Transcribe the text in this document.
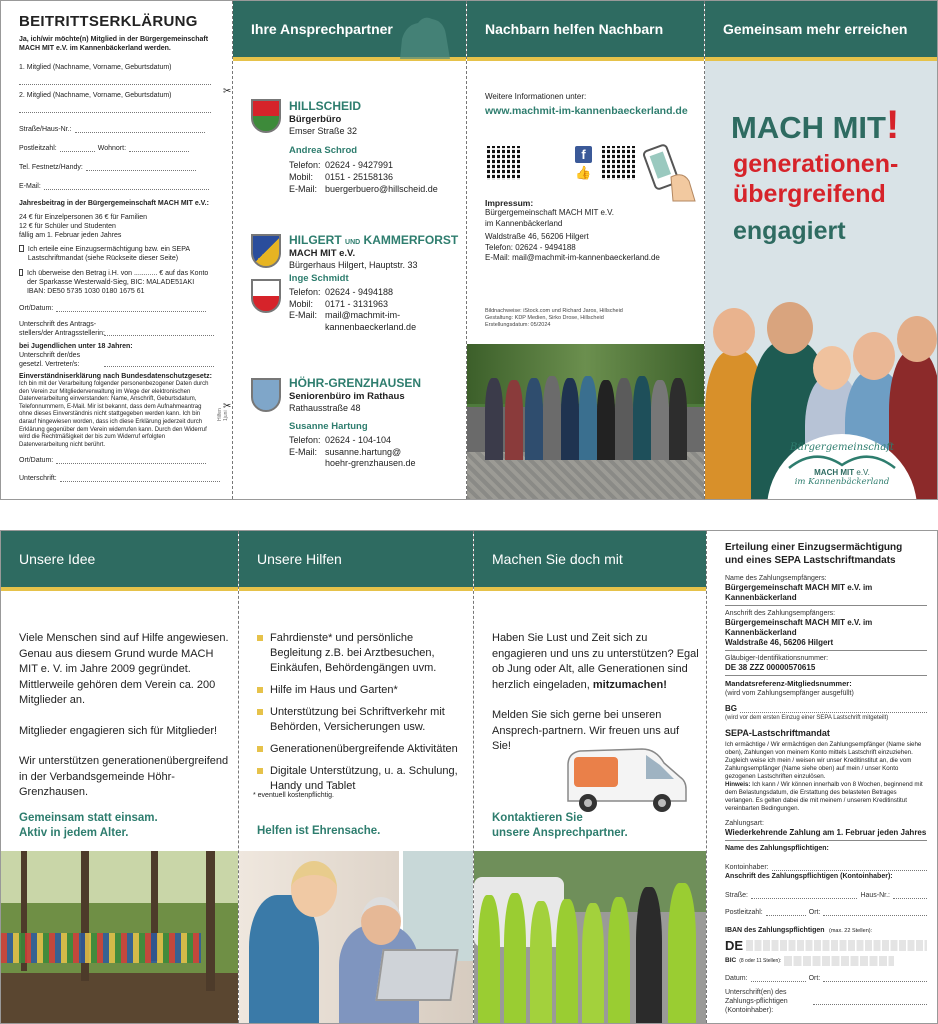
BEITRITTSERKLÄRUNG
Ja, ich/wir möchte(n) Mitglied in der Bürgergemeinschaft MACH MIT e.V. im Kannenbäckerland werden.
1. Mitglied (Nachname, Vorname, Geburtsdatum)
2. Mitglied (Nachname, Vorname, Geburtsdatum)
Straße/Haus-Nr.:
Postleitzahl:	Wohnort:
Tel. Festnetz/Handy:
E-Mail:
Jahresbeitrag in der Bürgergemeinschaft MACH MIT e.V.:
24 € für Einzelpersonen 36 € für Familien
12 € für Schüler und Studenten
fällig am 1. Februar jeden Jahres
Ich erteile eine Einzugsermächtigung bzw. ein SEPA Lastschriftmandat (siehe Rückseite dieser Seite)
Ich überweise den Betrag i.H. von ............ € auf das Konto der Sparkasse Westerwald-Sieg, BIC: MALADE51AKI IBAN: DE50 5735 1030 0180 1675 61
Ort/Datum:
Unterschrift des Antrags-stellers/der Antragsstellerin:
bei Jugendlichen unter 18 Jahren:
Unterschrift der/des gesetzl. Vertreter/s:
Einverständniserklärung nach Bundesdatenschutzgesetz:
Ich bin mit der Verarbeitung folgender personenbezogener Daten durch den Verein zur Mitgliederverwaltung im Wege der elektronischen Datenverarbeitung einverstanden: Name, Anschrift, Geburtsdatum, Telefonnummern, E-Mail. Mir ist bekannt, dass dem Aufnahmeantrag ohne dieses Einverständnis nicht stattgegeben werden kann. Ich bin darauf hingewiesen worden, dass ich diese Erklärung jederzeit durch Erklärung gegenüber dem Verein widerrufen kann. Durch den Widerruf wird die Rechtmäßigkeit der bis zum Widerruf erfolgten Datenverarbeitung nicht berührt.
Ort/Datum:
Unterschrift:
✂
✂
Hilfen 1juni
Ihre Ansprechpartner
HILLSCHEID
Bürgerbüro
Emser Straße 32
Andrea Schrod
Telefon: 02624 - 9427991
Mobil:	0151 - 25158136
E-Mail: buergerbuero@hillscheid.de
HILGERT UND KAMMERFORST
MACH MIT e.V.
Bürgerhaus Hilgert, Hauptstr. 33
Inge Schmidt
Telefon: 02624 - 9494188
Mobil:	0171 - 3131963
E-Mail: mail@machmit-im-
kannenbaeckerland.de
HÖHR-GRENZHAUSEN
Seniorenbüro im Rathaus
Rathausstraße 48
Susanne Hartung
Telefon: 02624 - 104-104
E-Mail: susanne.hartung@
hoehr-grenzhausen.de
Nachbarn helfen Nachbarn
Weitere Informationen unter:
www.machmit-im-kannenbaeckerland.de
f
👍
Impressum:
Bürgergemeinschaft MACH MIT e.V.
im Kannenbäckerland
Waldstraße 46, 56206 Hilgert
Telefon: 02624 - 9494188
E-Mail: mail@machmit-im-kannenbaeckerland.de
Bildnachweise: iStock.com und Richard Jaros, Hillscheid
Gestaltung: KDP Medien, Sirko Drose, Hillscheid
Erstellungsdatum: 05/2024
Gemeinsam mehr erreichen
MACH MIT!
generationen-
übergreifend
engagiert
Bürgergemeinschaft
MACH MIT e.V.
im Kannenbäckerland
Unsere Idee

Viele Menschen sind auf Hilfe angewiesen. Genau aus diesem Grund wurde MACH MIT e. V. im Jahre 2009 gegründet. Mittlerweile gehören dem Verein ca. 200 Mitglieder an.

Mitglieder engagieren sich für Mitglieder!

Wir unterstützen generationenübergreifend in der Verbandsgemeinde Höhr-Grenzhausen.

Gemeinsam statt einsam.
Aktiv in jedem Alter.
Unsere Hilfen
Fahrdienste* und persönliche Begleitung z.B. bei Arztbesuchen, Einkäufen, Behördengängen uvm.
Hilfe im Haus und Garten*
Unterstützung bei Schriftverkehr mit Behörden, Versicherungen usw.
Generationenübergreifende Aktivitäten
Digitale Unterstützung, u. a. Schulung, Handy und Tablet
* eventuell kostenpflichtig.
Helfen ist Ehrensache.
Machen Sie doch mit

Haben Sie Lust und Zeit sich zu engagieren und uns zu unterstützen? Egal ob Jung oder Alt, alle Generationen sind herzlich eingeladen, mitzumachen!

Melden Sie sich gerne bei unseren Ansprech-partnern. Wir freuen uns auf Sie!

Kontaktieren Sie
unsere Ansprechpartner.
Erteilung einer Einzugsermächtigung
und eines SEPA Lastschriftmandats
Name des Zahlungsempfängers:
Bürgergemeinschaft MACH MIT e.V. im Kannenbäckerland
Anschrift des Zahlungsempfängers:
Bürgergemeinschaft MACH MIT e.V. im Kannenbäckerland
Waldstraße 46, 56206 Hilgert
Gläubiger-Identifikationsnummer:
DE 38 ZZZ 00000570615
Mandatsreferenz-Mitgliedsnummer:
(wird vom Zahlungsempfänger ausgefüllt)
BG
(wird vor dem ersten Einzug einer SEPA Lastschrift mitgeteilt)
SEPA-Lastschriftmandat
Ich ermächtige / Wir ermächtigen den Zahlungsempfänger (Name siehe oben), Zahlungen von meinem Konto mittels Lastschrift einzuziehen. Zugleich weise ich mein / weisen wir unser Kreditinstitut an, die vom Zahlungsempfänger (Name siehe oben) auf mein / unser Konto gezogenen Lastschriften einzulösen.
Hinweis: Ich kann / Wir können innerhalb von 8 Wochen, beginnend mit dem Belastungsdatum, die Erstattung des belasteten Betrages verlangen. Es gelten dabei die mit meinem / unserem Kreditinstitut vereinbarten Bedingungen.
Zahlungsart:
Wiederkehrende Zahlung am 1. Februar jeden Jahres
Name des Zahlungspflichtigen:
Kontoinhaber:
Anschrift des Zahlungspflichtigen (Kontoinhaber):
Straße:	Haus-Nr.:
Postleitzahl:	Ort:
IBAN des Zahlungspflichtigen (max. 22 Stellen):
DE
BIC (8 oder 11 Stellen):
Datum:	Ort:
Unterschrift(en) des Zahlungs-pflichtigen (Kontoinhaber):
